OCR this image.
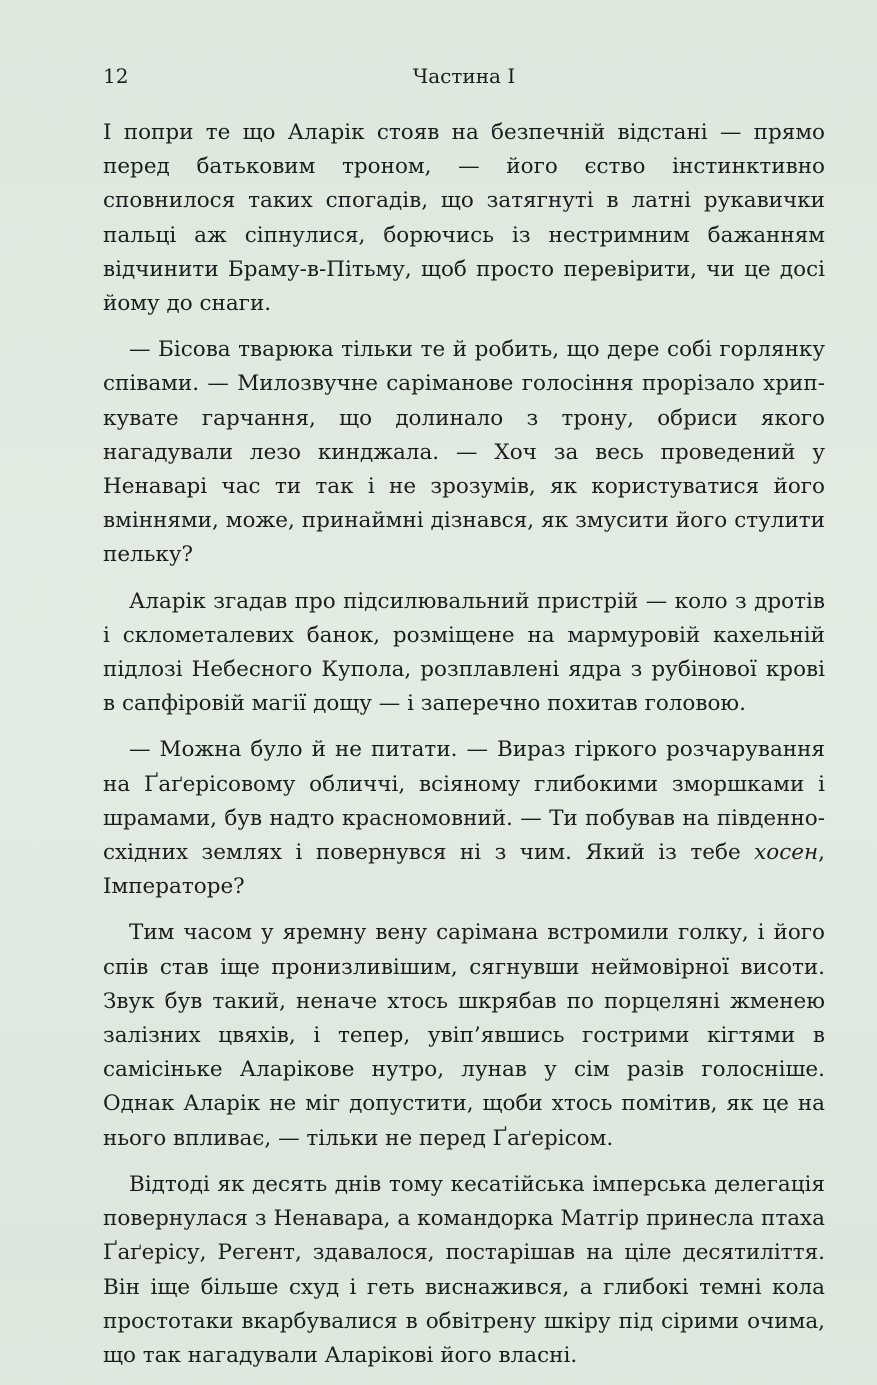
12	Частина I

І попри те що Аларік стояв на безпечній відстані — прямо перед батьковим троном, — його єство інстинктивно сповнилося таких спогадів, що затягнуті в латні рукавички пальці аж сіпнулися, борючись із нестримним бажанням відчинити Браму-в-Пітьму, щоб просто перевірити, чи це досі йому до снаги.

— Бісова тварюка тільки те й робить, що дере собі горлянку співами. — Милозвучне саріманове голосіння прорізало хрипкувате гарчання, що долинало з трону, обриси якого нагадували лезо кинджала. — Хоч за весь проведений у Ненаварі час ти так і не зрозумів, як користуватися його вміннями, може, принаймні дізнався, як змусити його стулити пельку?

Аларік згадав про підсилювальний пристрій — коло з дротів і склометалевих банок, розміщене на мармуровій кахельній підлозі Небесного Купола, розплавлені ядра з рубінової крові в сапфіровій магії дощу — і заперечно похитав головою.

— Можна було й не питати. — Вираз гіркого розчарування на Ґаґерісовому обличчі, всіяному глибокими зморшками і шрамами, був надто красномовний. — Ти побував на південно-східних землях і повернувся ні з чим. Який із тебе хосен, Імператоре?

Тим часом у яремну вену сарімана встромили голку, і його спів став іще пронизливішим, сягнувши неймовірної висоти. Звук був такий, неначе хтось шкрябав по порцеляні жменею залізних цвяхів, і тепер, увіп’явшись гострими кігтями в самісіньке Аларікове нутро, лунав у сім разів голосніше. Однак Аларік не міг допустити, щоби хтось помітив, як це на нього впливає, — тільки не перед Ґаґерісом.

Відтоді як десять днів тому кесатійська імперська делегація повернулася з Ненавара, а командорка Матгір принесла птаха Ґаґерісу, Регент, здавалося, постарішав на ціле десятиліття. Він іще більше схуд і геть виснажився, а глибокі темні кола простотаки вкарбувалися в обвітрену шкіру під сірими очима, що так нагадували Аларікові його власні.
